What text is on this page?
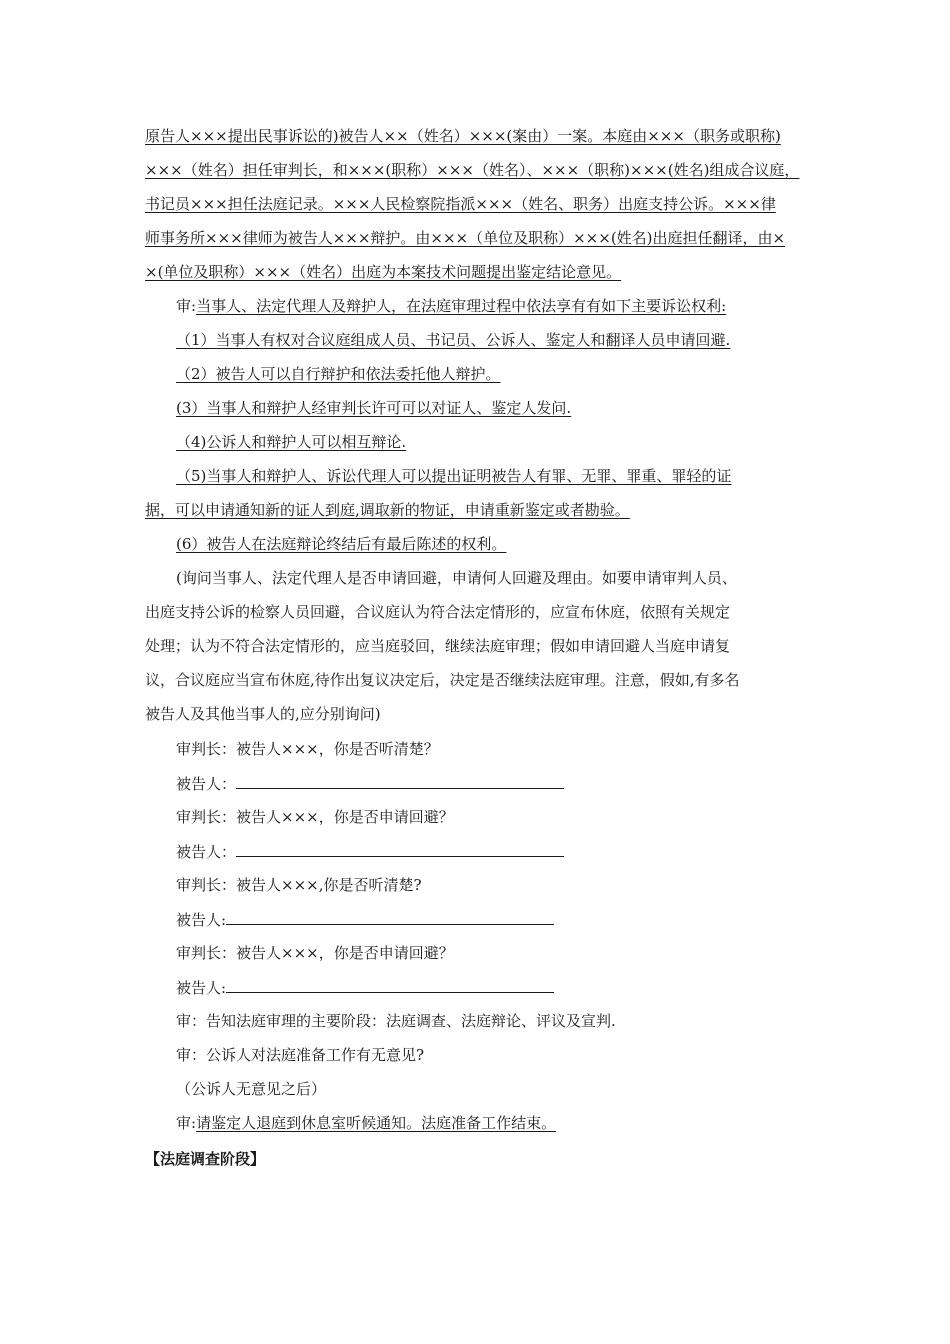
原告人×××提出民事诉讼的)被告人××（姓名）×××(案由）一案。本庭由×××（职务或职称)
×××（姓名）担任审判长，和×××(职称）×××（姓名）、×××（职称)×××(姓名)组成合议庭，
书记员×××担任法庭记录。×××人民检察院指派×××（姓名、职务）出庭支持公诉。×××律
师事务所×××律师为被告人×××辩护。由×××（单位及职称）×××(姓名)出庭担任翻译，由×
×(单位及职称）×××（姓名）出庭为本案技术问题提出鉴定结论意见。
审:当事人、法定代理人及辩护人，在法庭审理过程中依法享有有如下主要诉讼权利:
（1）当事人有权对合议庭组成人员、书记员、公诉人、鉴定人和翻译人员申请回避.
（2）被告人可以自行辩护和依法委托他人辩护。
(3）当事人和辩护人经审判长许可可以对证人、鉴定人发问.
（4)公诉人和辩护人可以相互辩论.
（5)当事人和辩护人、诉讼代理人可以提出证明被告人有罪、无罪、罪重、罪轻的证
据，可以申请通知新的证人到庭,调取新的物证，申请重新鉴定或者勘验。
(6）被告人在法庭辩论终结后有最后陈述的权利。
(询问当事人、法定代理人是否申请回避，申请何人回避及理由。如要申请审判人员、
出庭支持公诉的检察人员回避，合议庭认为符合法定情形的，应宣布休庭，依照有关规定
处理；认为不符合法定情形的，应当庭驳回，继续法庭审理；假如申请回避人当庭申请复
议，合议庭应当宣布休庭,待作出复议决定后，决定是否继续法庭审理。注意，假如,有多名
被告人及其他当事人的,应分别询问)
审判长：被告人×××，你是否听清楚？
被告人：
审判长：被告人×××，你是否申请回避？
被告人：
审判长：被告人×××,你是否听清楚?
被告人:
审判长：被告人×××，你是否申请回避？
被告人:
审：告知法庭审理的主要阶段：法庭调查、法庭辩论、评议及宣判.
审：公诉人对法庭准备工作有无意见?
（公诉人无意见之后）
审:请鉴定人退庭到休息室听候通知。法庭准备工作结束。
【法庭调查阶段】
